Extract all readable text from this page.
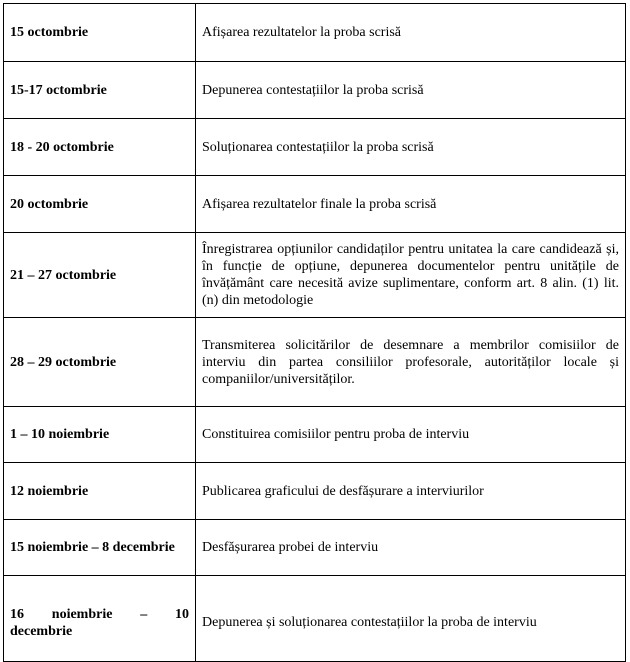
15 octombrie	Afișarea rezultatelor la proba scrisă
15-17 octombrie	Depunerea contestațiilor la proba scrisă
18 - 20 octombrie	Soluționarea contestațiilor la proba scrisă
20 octombrie	Afișarea rezultatelor finale la proba scrisă
21 – 27 octombrie	Înregistrarea opțiunilor candidaților pentru unitatea la care candidează și, în funcție de opțiune, depunerea documentelor pentru unitățile de învățământ care necesită avize suplimentare, conform art. 8 alin. (1) lit. (n) din metodologie
28 – 29 octombrie	Transmiterea solicitărilor de desemnare a membrilor comisiilor de interviu din partea consiliilor profesorale, autorităților locale și companiilor/universităților.
1 – 10 noiembrie	Constituirea comisiilor pentru proba de interviu
12 noiembrie	Publicarea graficului de desfășurare a interviurilor
15 noiembrie – 8 decembrie	Desfășurarea probei de interviu

16 noiembrie – 10
decembrie	Depunerea și soluționarea contestațiilor la proba de interviu
